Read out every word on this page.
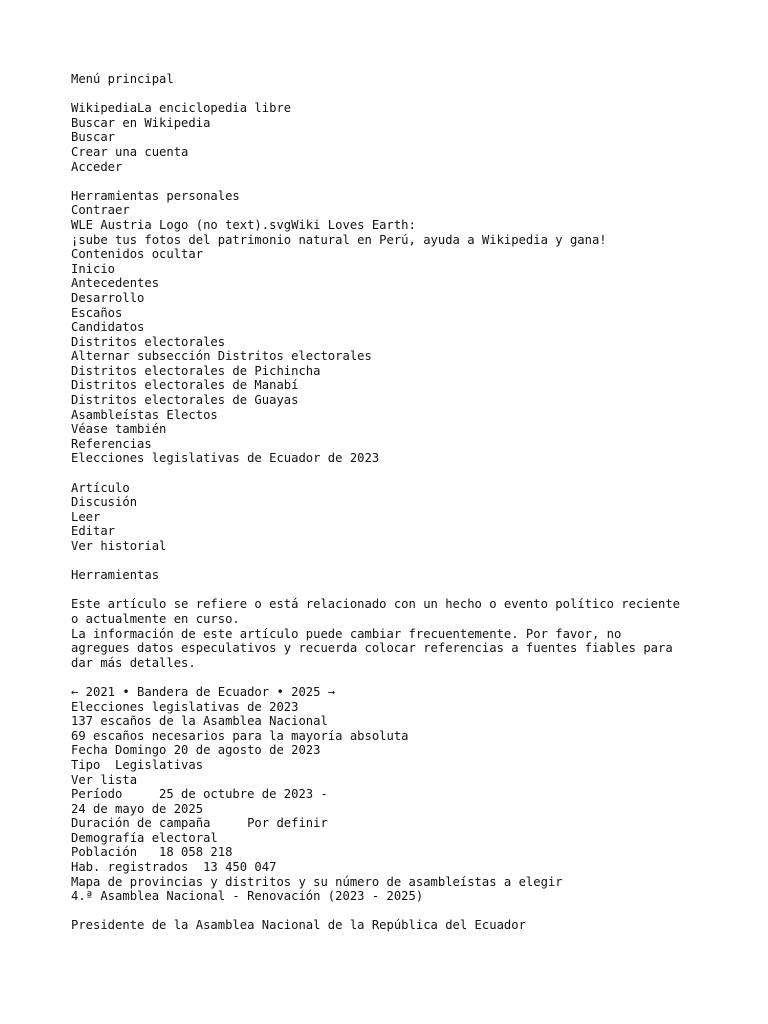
Menú principal
WikipediaLa enciclopedia libre
Buscar en Wikipedia
Buscar
Crear una cuenta
Acceder
Herramientas personales
Contraer
WLE Austria Logo (no text).svgWiki Loves Earth:
¡sube tus fotos del patrimonio natural en Perú, ayuda a Wikipedia y gana!
Contenidos ocultar
Inicio
Antecedentes
Desarrollo
Escaños
Candidatos
Distritos electorales
Alternar subsección Distritos electorales
Distritos electorales de Pichincha
Distritos electorales de Manabí
Distritos electorales de Guayas
Asambleístas Electos
Véase también
Referencias
Elecciones legislativas de Ecuador de 2023
Artículo
Discusión
Leer
Editar
Ver historial
Herramientas
Este artículo se refiere o está relacionado con un hecho o evento político reciente
o actualmente en curso.
La información de este artículo puede cambiar frecuentemente. Por favor, no
agregues datos especulativos y recuerda colocar referencias a fuentes fiables para
dar más detalles.
← 2021 • Bandera de Ecuador • 2025 →
Elecciones legislativas de 2023
137 escaños de la Asamblea Nacional
69 escaños necesarios para la mayoría absoluta
Fecha Domingo 20 de agosto de 2023
Tipo  Legislativas
Ver lista
Período     25 de octubre de 2023 -
24 de mayo de 2025
Duración de campaña     Por definir
Demografía electoral
Población   18 058 218
Hab. registrados  13 450 047
Mapa de provincias y distritos y su número de asambleístas a elegir
4.ª Asamblea Nacional - Renovación (2023 - 2025)
Presidente de la Asamblea Nacional de la República del Ecuador
